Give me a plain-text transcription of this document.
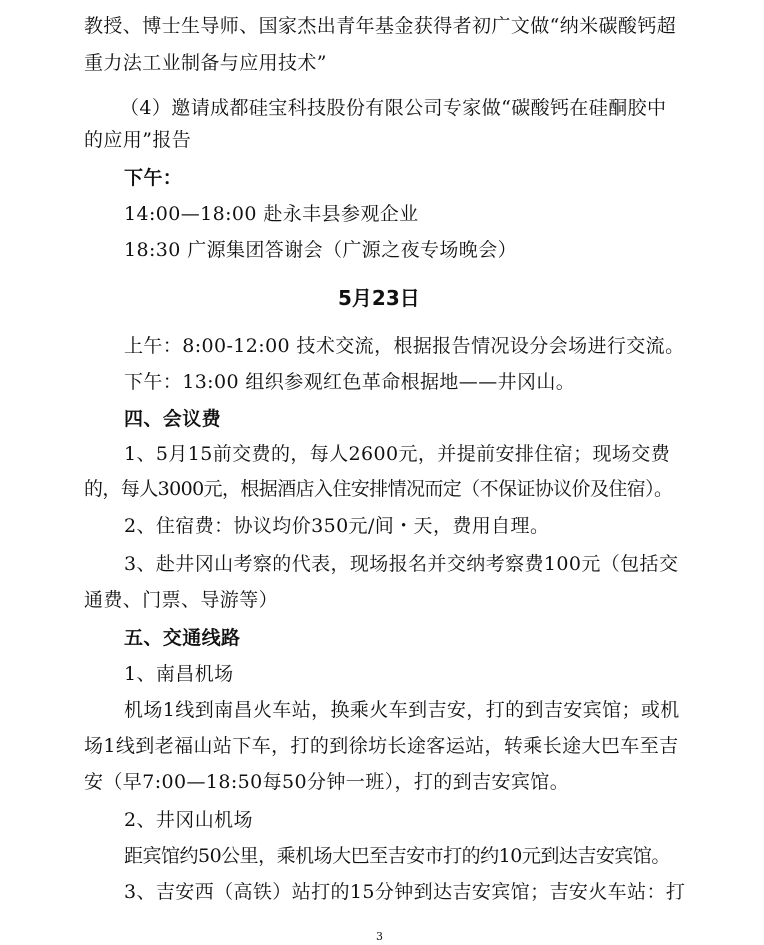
教授、博士生导师、国家杰出青年基金获得者初广文做“纳米碳酸钙超
重力法工业制备与应用技术”
（4）邀请成都硅宝科技股份有限公司专家做“碳酸钙在硅酮胶中
的应用”报告
下午：
14:00—18:00 赴永丰县参观企业
18:30 广源集团答谢会（广源之夜专场晚会）
5月23日
上午：8:00-12:00 技术交流，根据报告情况设分会场进行交流。
下午：13:00 组织参观红色革命根据地——井冈山。
四、会议费
1、5月15前交费的，每人2600元，并提前安排住宿；现场交费
的，每人3000元，根据酒店入住安排情况而定（不保证协议价及住宿）。
2、住宿费：协议均价350元/间・天，费用自理。
3、赴井冈山考察的代表，现场报名并交纳考察费100元（包括交
通费、门票、导游等）
五、交通线路
1、南昌机场
机场1线到南昌火车站，换乘火车到吉安，打的到吉安宾馆；或机
场1线到老福山站下车，打的到徐坊长途客运站，转乘长途大巴车至吉
安（早7:00—18:50每50分钟一班），打的到吉安宾馆。
2、井冈山机场
距宾馆约50公里，乘机场大巴至吉安市打的约10元到达吉安宾馆。
3、吉安西（高铁）站打的15分钟到达吉安宾馆；吉安火车站：打
3
